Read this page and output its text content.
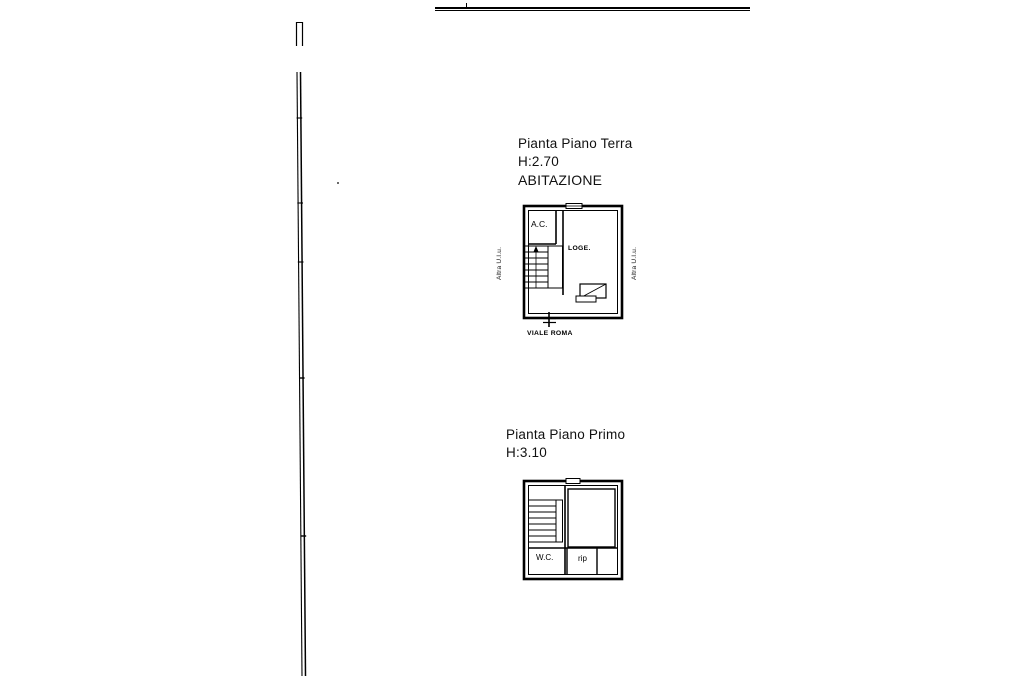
Pianta Piano Terra
H:2.70
ABITAZIONE
A.C.
LOGE.
VIALE ROMA
Altra U.I.u.	Altra U.I.u.
Pianta Piano Primo
H:3.10
W.C.	rip
